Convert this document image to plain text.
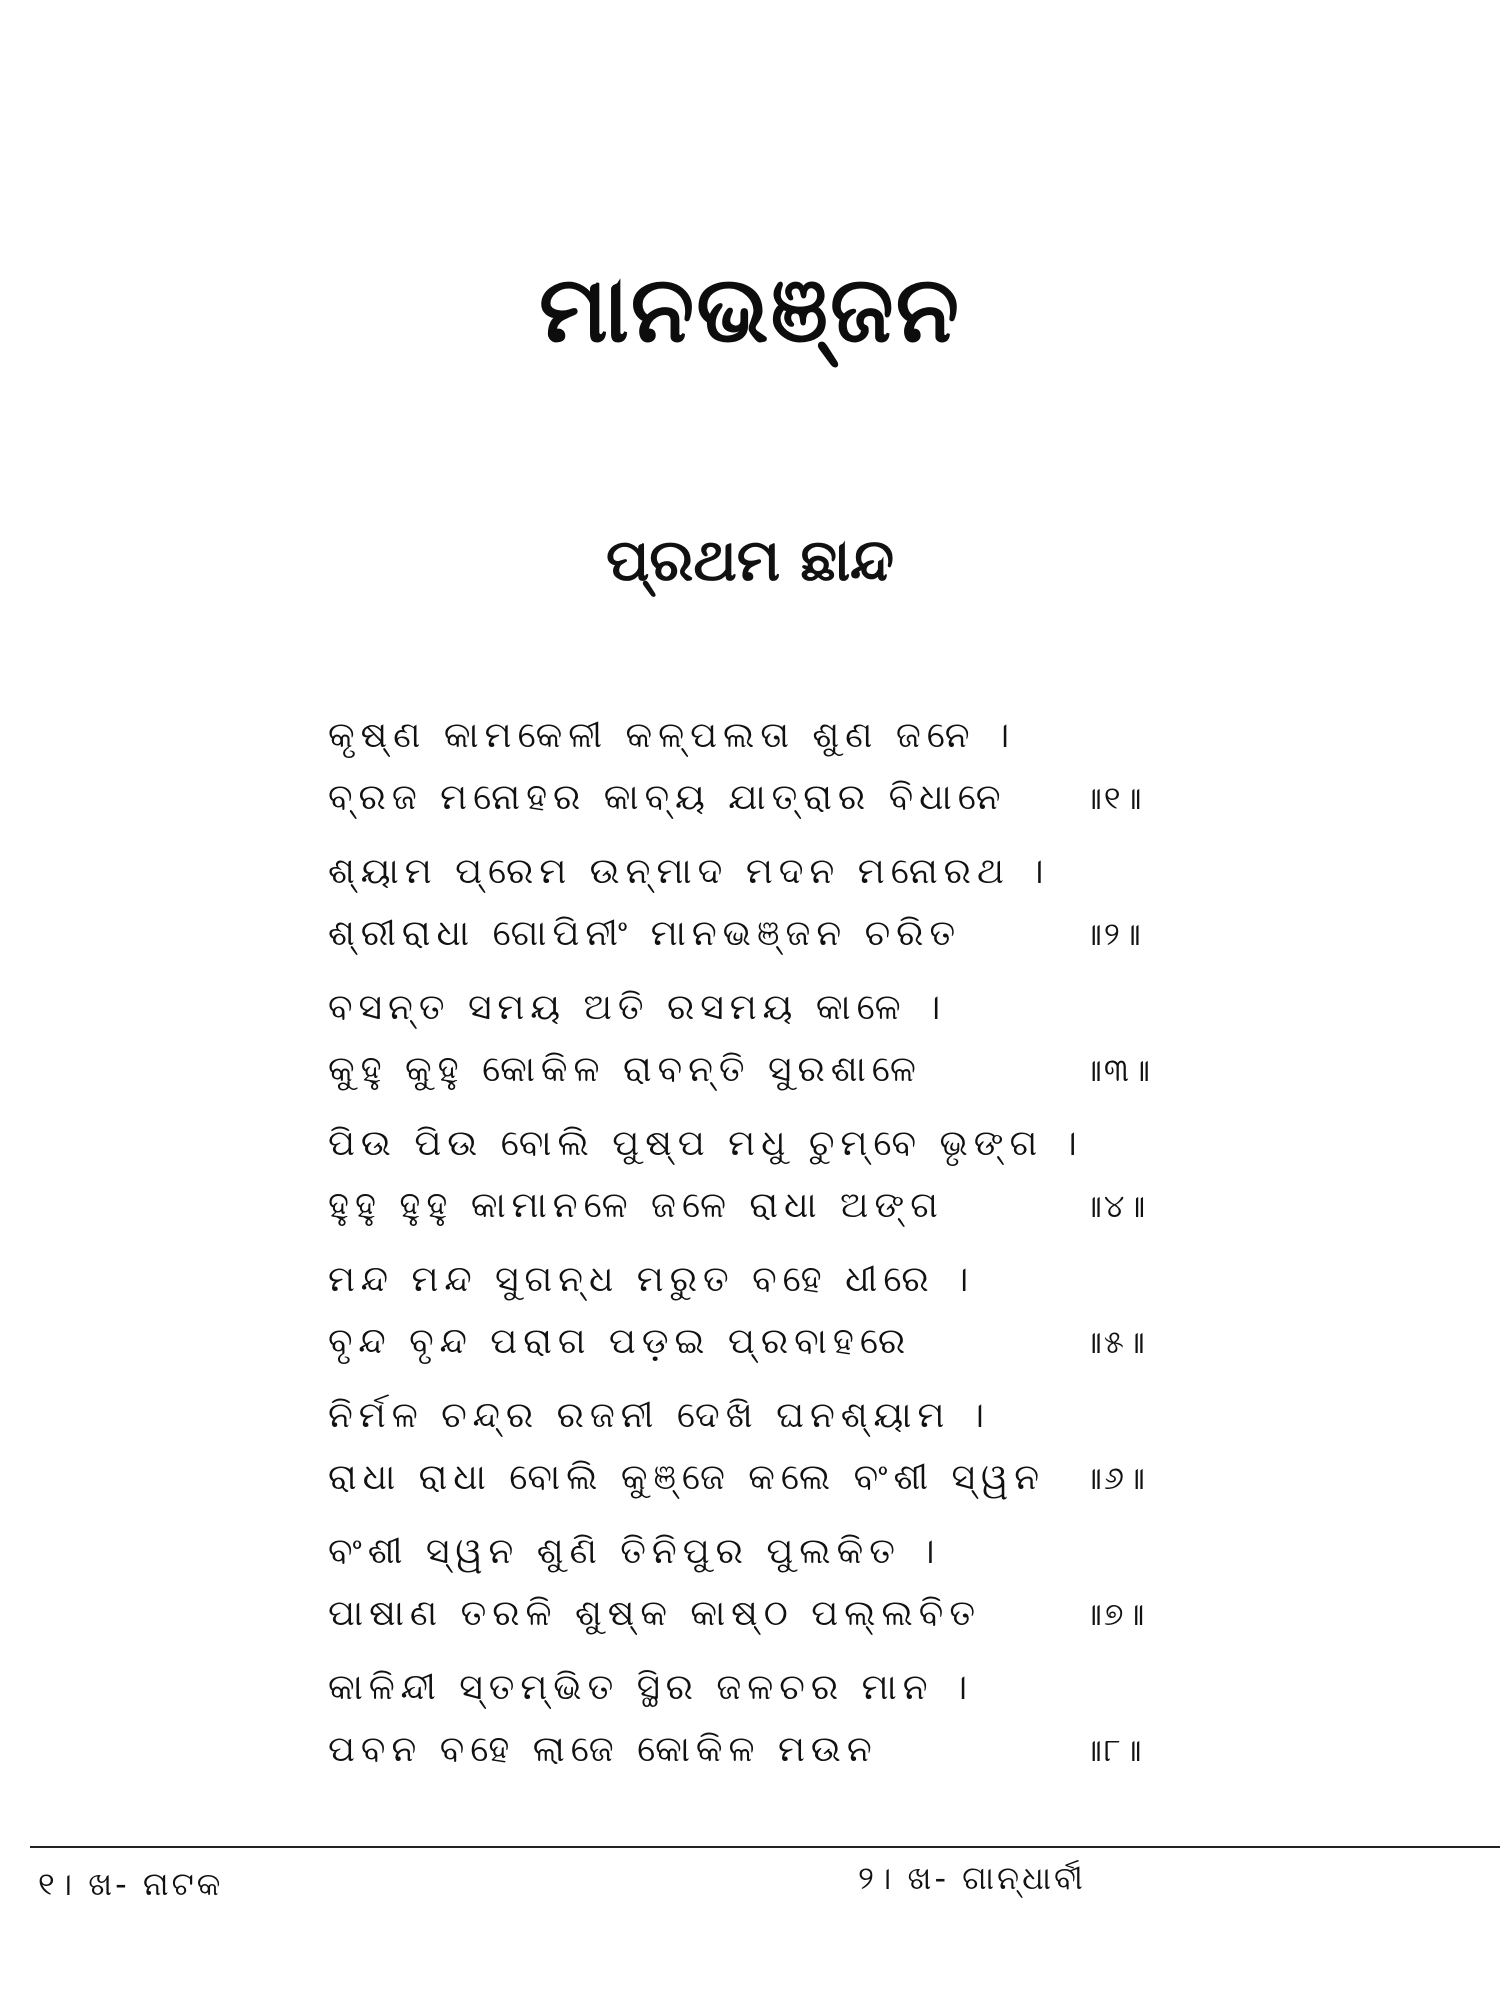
ମାନଭଞ୍ଜନ
ପ୍ରଥମ ଛାନ୍ଦ
କୃଷ୍ଣ କାମକେଳୀ କଳ୍ପଲତା ଶୁଣ ଜନେ ।
ବ୍ରଜ ମନୋହର କାବ୍ୟ ଯାତ୍ରାର ବିଧାନେ ॥୧॥
ଶ୍ୟାମ ପ୍ରେମ ଉନ୍ମାଦ ମଦନ ମନୋରଥ ।
ଶ୍ରୀରାଧା ଗୋପିନୀଂ ମାନଭଞ୍ଜନ ଚରିତ	॥୨॥
ବସନ୍ତ ସମୟ ଅତି ରସମୟ କାଳେ ।
କୁହୁ କୁହୁ କୋକିଳ ରାବନ୍ତି ସୁରଶାଳେ	॥୩॥
ପିଉ ପିଉ ବୋଲି ପୁଷ୍ପ ମଧୁ ଚୁମ୍ବେ ଭୃଙ୍ଗ ।
ହୁହୁ ହୁହୁ କାମାନଳେ ଜଳେ ରାଧା ଅଙ୍ଗ	॥୪॥
ମନ୍ଦ ମନ୍ଦ ସୁଗନ୍ଧ ମରୁତ ବହେ ଧୀରେ ।
ବୃନ୍ଦ ବୃନ୍ଦ ପରାଗ ପଡ଼ଇ ପ୍ରବାହରେ	॥୫॥
ନିର୍ମଳ ଚନ୍ଦ୍ର ରଜନୀ ଦେଖି ଘନଶ୍ୟାମ ।
ରାଧା ରାଧା ବୋଲି କୁଞ୍ଜେ କଲେ ବଂଶୀ ସ୍ୱନ ॥୬॥
ବଂଶୀ ସ୍ୱନ ଶୁଣି ତିନିପୁର ପୁଲକିତ ।
ପାଷାଣ ତରଳି ଶୁଷ୍କ କାଷ୍ଠ ପଲ୍ଲବିତ	॥୭॥
କାଳିନ୍ଦୀ ସ୍ତମ୍ଭିତ ସ୍ଥିର ଜଳଚର ମାନ ।
ପବନ ବହେ ଲାଜେ କୋକିଳ ମଉନ	॥୮॥
୧। ଖ- ନାଟକ	୨। ଖ- ଗାନ୍ଧାର୍ବୀ
